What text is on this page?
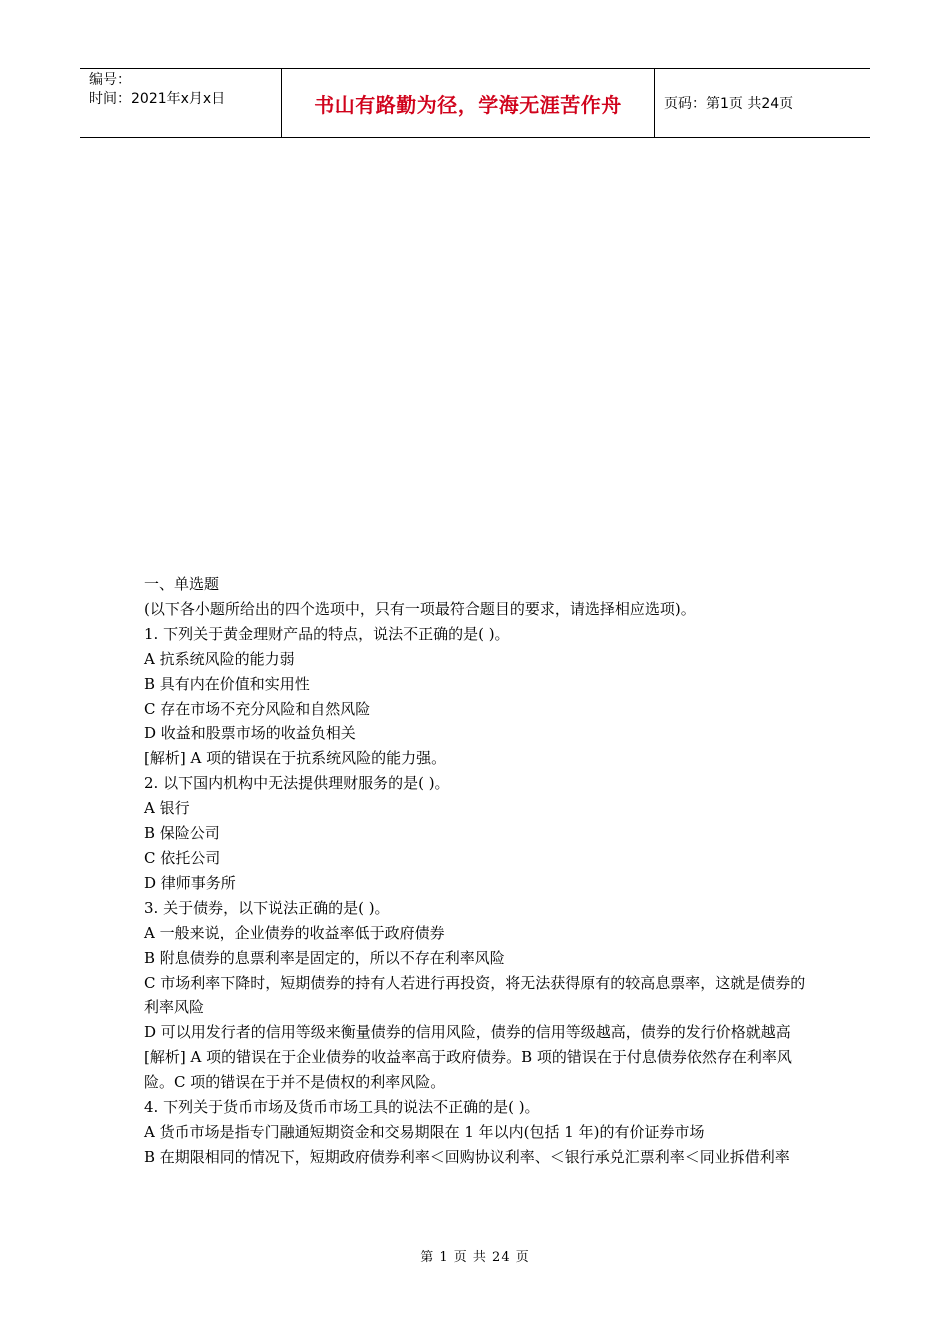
编号：
时间：2021年x月x日	书山有路勤为径，学海无涯苦作舟	页码：第1页 共24页

一、单选题

(以下各小题所给出的四个选项中，只有一项最符合题目的要求，请选择相应选项)。

1. 下列关于黄金理财产品的特点，说法不正确的是( )。

A 抗系统风险的能力弱

B 具有内在价值和实用性

C 存在市场不充分风险和自然风险

D 收益和股票市场的收益负相关

[解析] A 项的错误在于抗系统风险的能力强。

2. 以下国内机构中无法提供理财服务的是( )。

A 银行

B 保险公司

C 依托公司

D 律师事务所

3. 关于债券，以下说法正确的是( )。

A 一般来说，企业债券的收益率低于政府债券

B 附息债券的息票利率是固定的，所以不存在利率风险

C 市场利率下降时，短期债券的持有人若进行再投资，将无法获得原有的较高息票率，这就是债券的利率风险

D 可以用发行者的信用等级来衡量债券的信用风险，债券的信用等级越高，债券的发行价格就越高

[解析] A 项的错误在于企业债券的收益率高于政府债券。B 项的错误在于付息债券依然存在利率风险。C 项的错误在于并不是债权的利率风险。

4. 下列关于货币市场及货币市场工具的说法不正确的是( )。

A 货币市场是指专门融通短期资金和交易期限在 1 年以内(包括 1 年)的有价证券市场

B 在期限相同的情况下，短期政府债券利率＜回购协议利率、＜银行承兑汇票利率＜同业拆借利率

第 1 页 共 24 页
